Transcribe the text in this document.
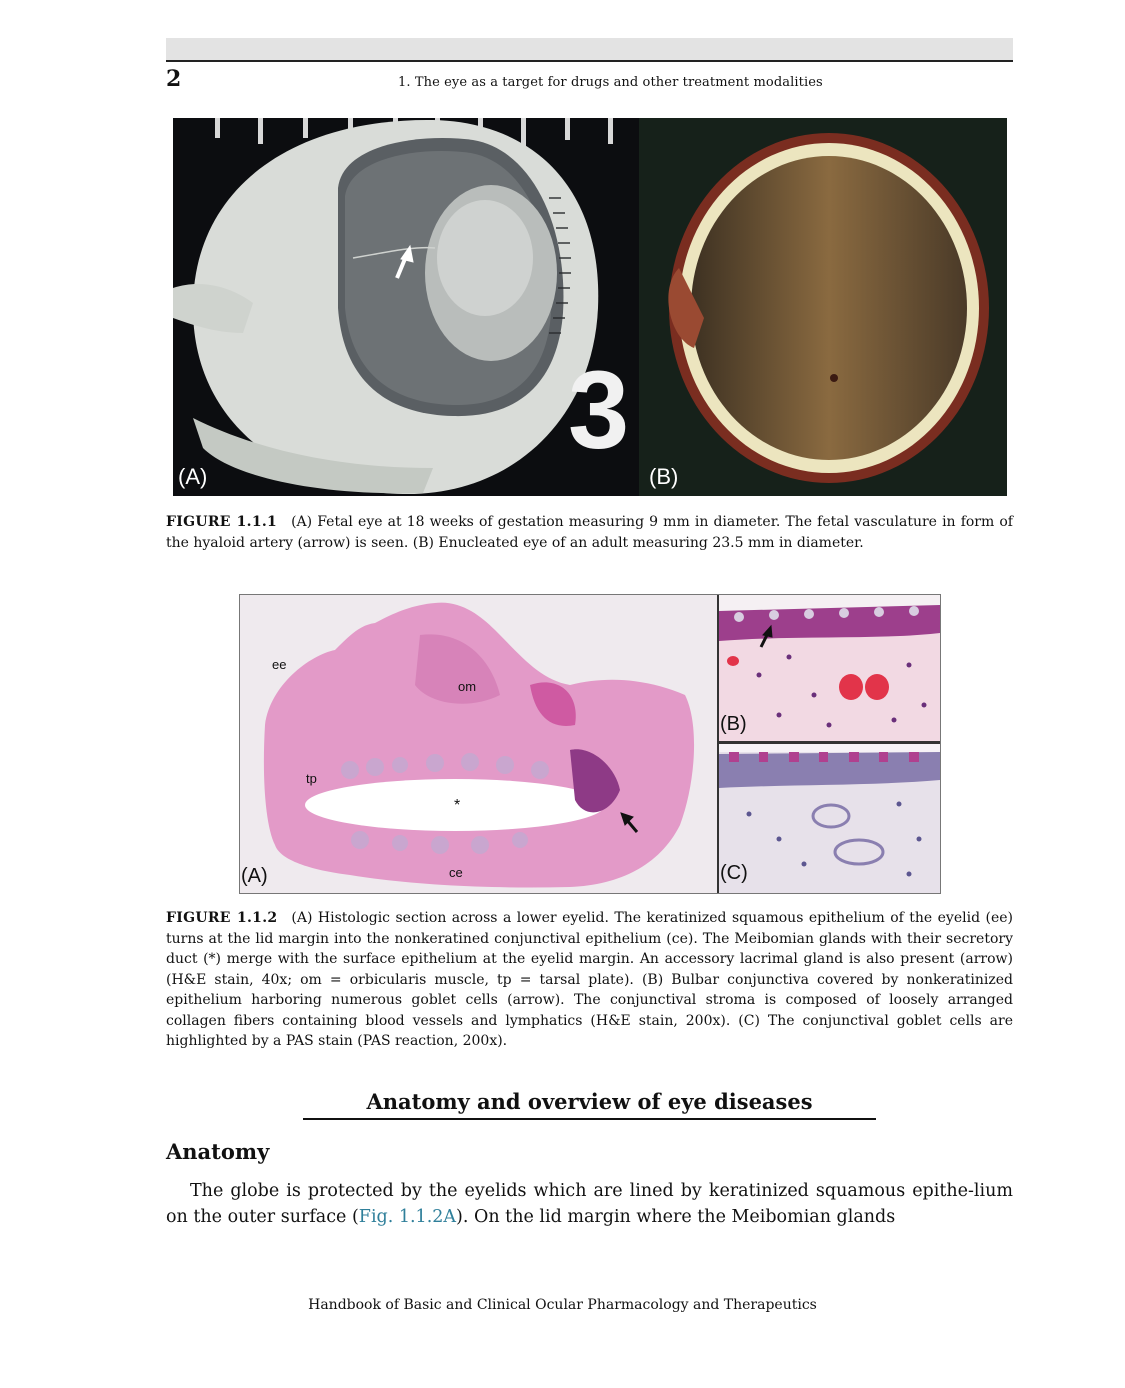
2	1. The eye as a target for drugs and other treatment modalities
3
(A)	(B)
FIGURE 1.1.1 (A) Fetal eye at 18 weeks of gestation measuring 9 mm in diameter. The fetal vasculature in form of the hyaloid artery (arrow) is seen. (B) Enucleated eye of an adult measuring 23.5 mm in diameter.
ee
om
tp
*
ce
(A)
(B)
(C)
FIGURE 1.1.2 (A) Histologic section across a lower eyelid. The keratinized squamous epithelium of the eyelid (ee) turns at the lid margin into the nonkeratined conjunctival epithelium (ce). The Meibomian glands with their secretory duct (*) merge with the surface epithelium at the eyelid margin. An accessory lacrimal gland is also present (arrow) (H&E stain, 40x; om = orbicularis muscle, tp = tarsal plate). (B) Bulbar conjunctiva covered by nonkeratinized epithelium harboring numerous goblet cells (arrow). The conjunctival stroma is composed of loosely arranged collagen fibers containing blood vessels and lymphatics (H&E stain, 200x). (C) The conjunctival goblet cells are highlighted by a PAS stain (PAS reaction, 200x).
Anatomy and overview of eye diseases
Anatomy

The globe is protected by the eyelids which are lined by keratinized squamous epithe-lium on the outer surface (Fig. 1.1.2A). On the lid margin where the Meibomian glands

Handbook of Basic and Clinical Ocular Pharmacology and Therapeutics
